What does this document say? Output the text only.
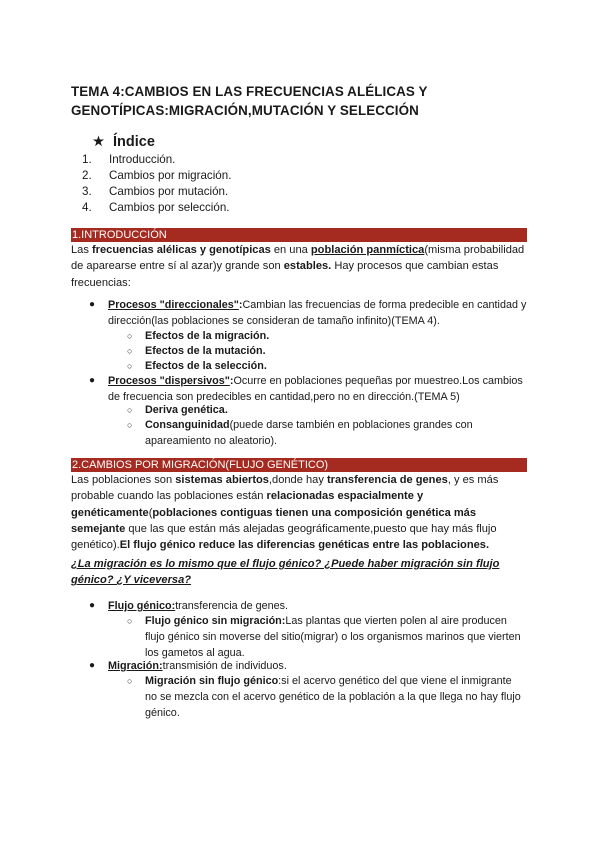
TEMA 4:CAMBIOS EN LAS FRECUENCIAS ALÉLICAS Y
GENOTÍPICAS:MIGRACIÓN,MUTACIÓN Y SELECCIÓN
★ Índice
1.	Introducción.
2.	Cambios por migración.
3.	Cambios por mutación.
4.	Cambios por selección.
1.INTRODUCCIÓN
Las frecuencias alélicas y genotípicas en una población panmíctica(misma probabilidad de aparearse entre sí al azar)y grande son estables. Hay procesos que cambian estas frecuencias:
● Procesos "direccionales":Cambian las frecuencias de forma predecible en cantidad y dirección(las poblaciones se consideran de tamaño infinito)(TEMA 4).
○ Efectos de la migración.
○ Efectos de la mutación.
○ Efectos de la selección.
● Procesos "dispersivos":Ocurre en poblaciones pequeñas por muestreo.Los cambios de frecuencia son predecibles en cantidad,pero no en dirección.(TEMA 5)
○ Deriva genética.
○ Consanguinidad(puede darse también en poblaciones grandes con apareamiento no aleatorio).
2.CAMBIOS POR MIGRACIÓN(FLUJO GENÉTICO)
Las poblaciones son sistemas abiertos,donde hay transferencia de genes, y es más probable cuando las poblaciones están relacionadas espacialmente y genéticamente(poblaciones contiguas tienen una composición genética más semejante que las que están más alejadas geográficamente,puesto que hay más flujo genético).El flujo génico reduce las diferencias genéticas entre las poblaciones.
¿La migración es lo mismo que el flujo génico? ¿Puede haber migración sin flujo génico? ¿Y viceversa?
● Flujo génico:transferencia de genes.
○ Flujo génico sin migración:Las plantas que vierten polen al aire producen flujo génico sin moverse del sitio(migrar) o los organismos marinos que vierten los gametos al agua.
● Migración:transmisión de individuos.
○ Migración sin flujo génico:si el acervo genético del que viene el inmigrante no se mezcla con el acervo genético de la población a la que llega no hay flujo génico.
